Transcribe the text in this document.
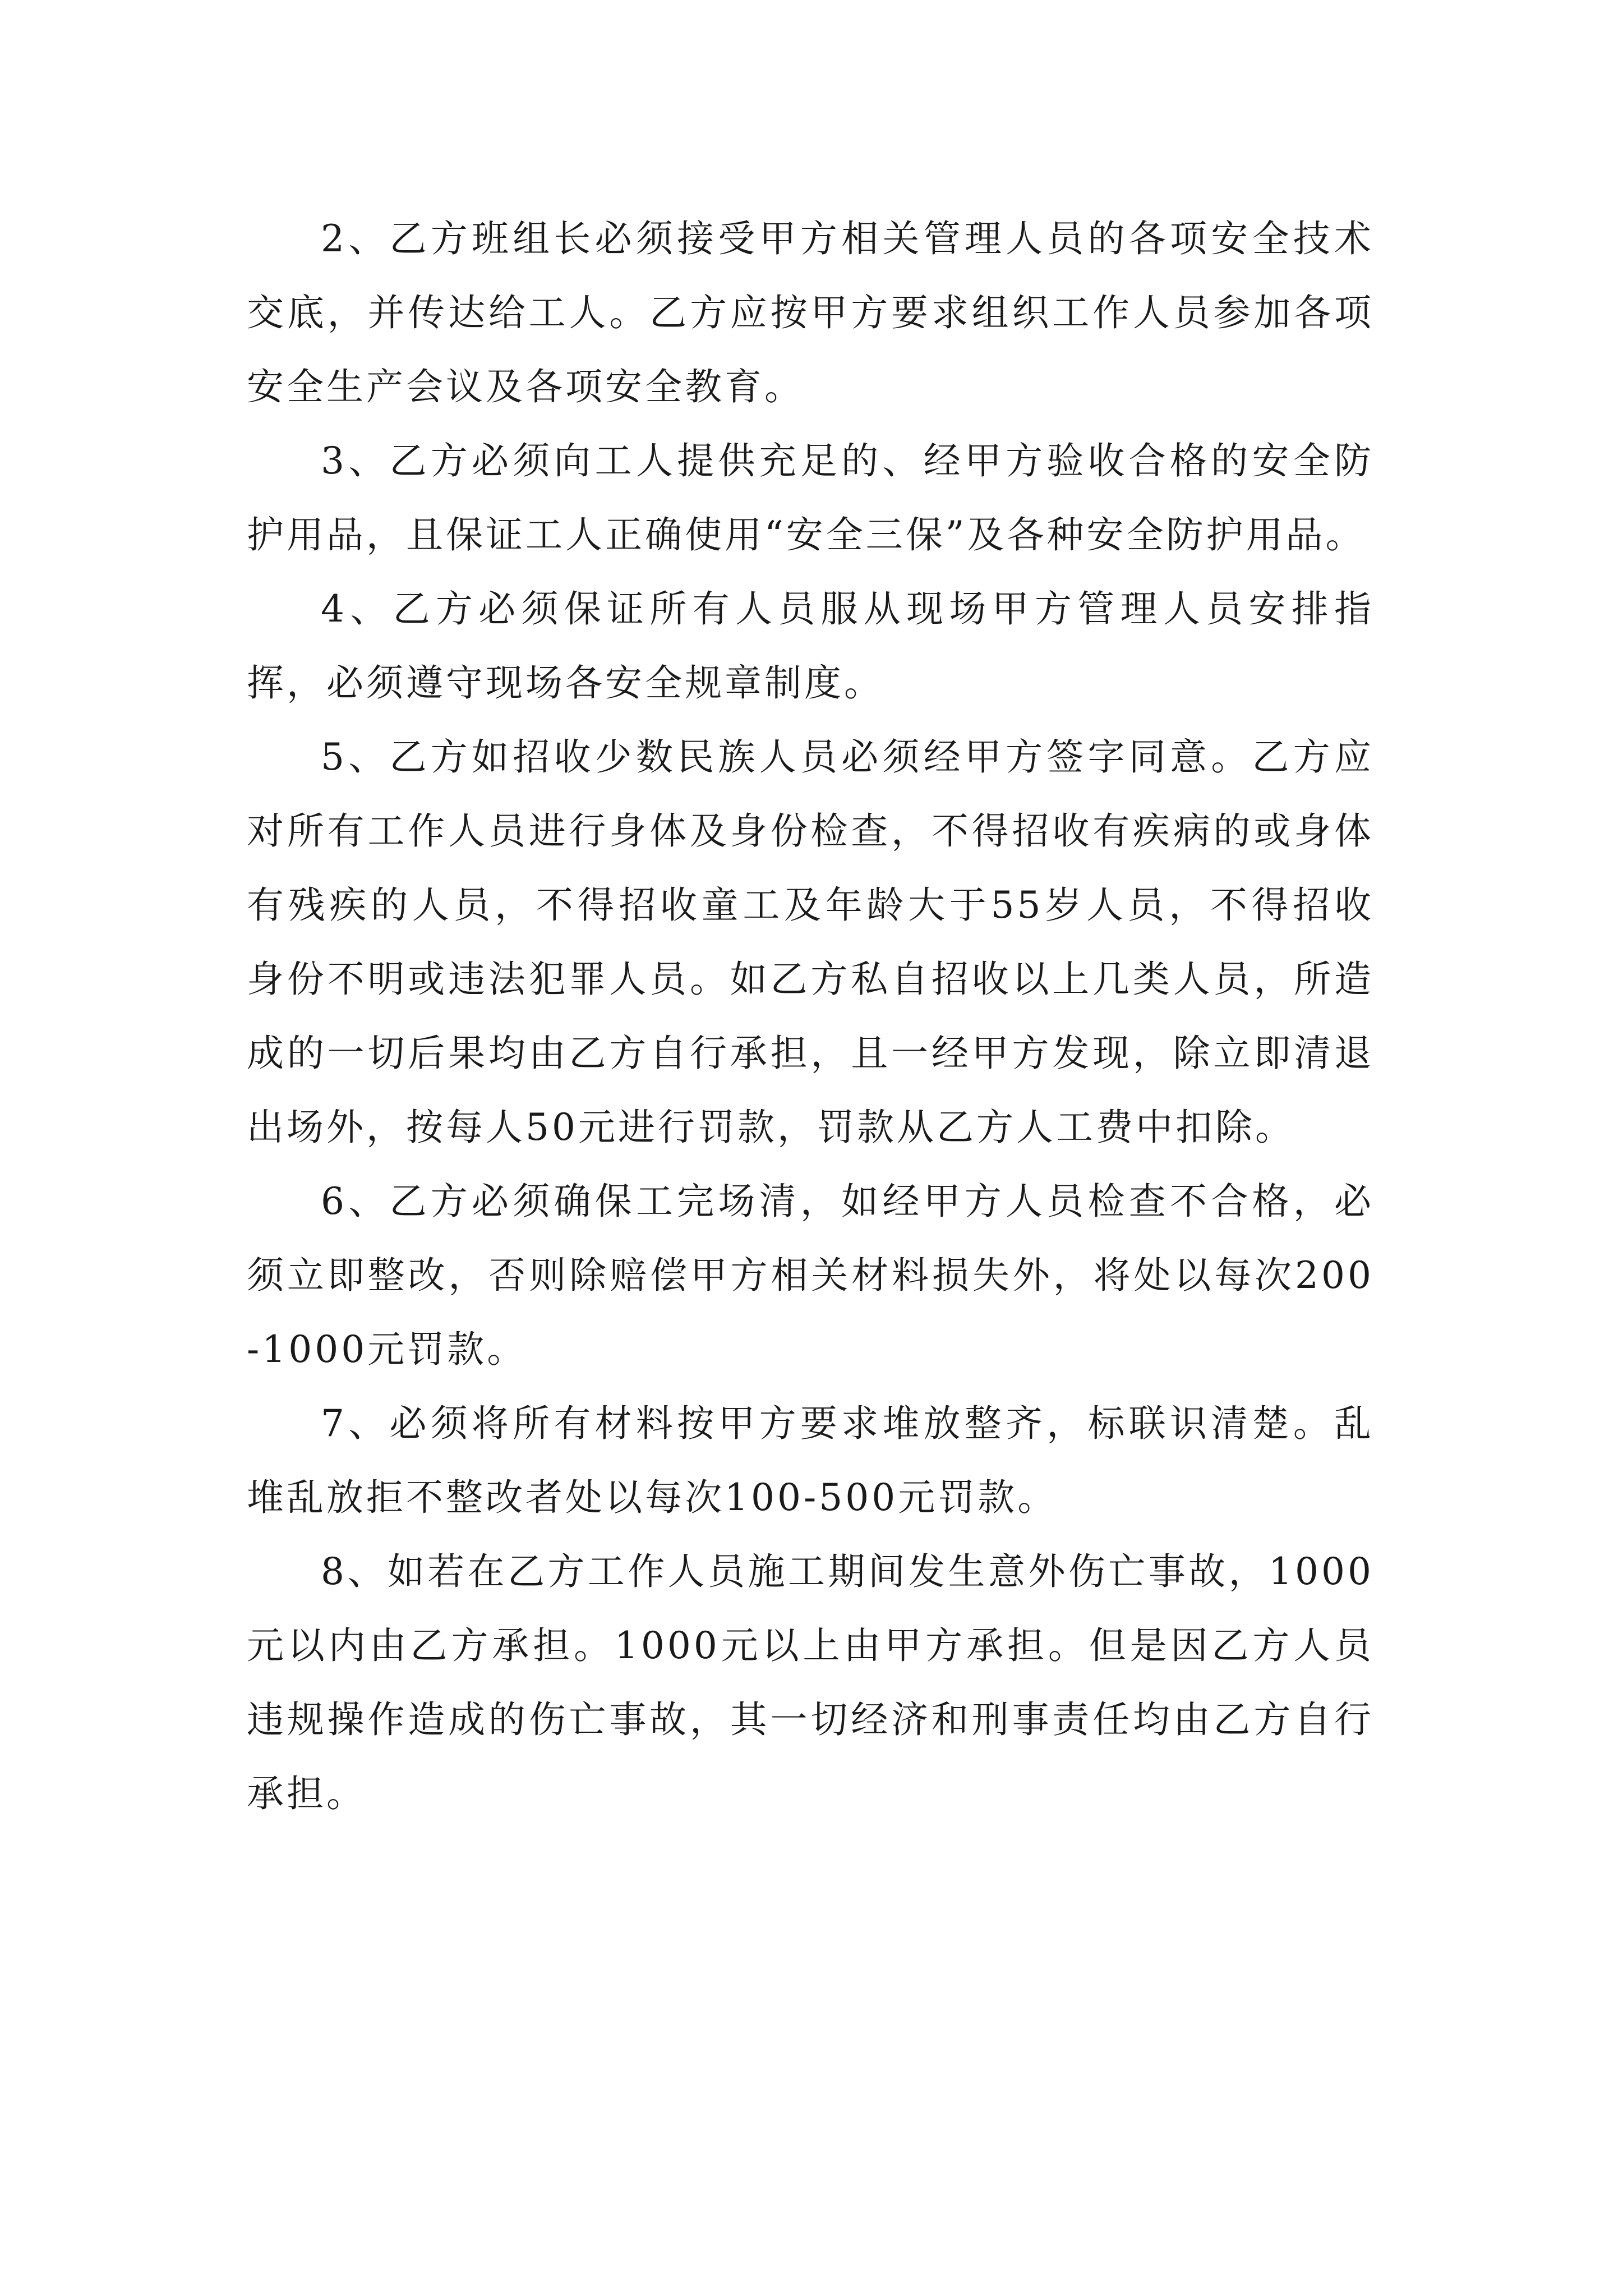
2、乙方班组长必须接受甲方相关管理人员的各项安全技术交底，并传达给工人。乙方应按甲方要求组织工作人员参加各项安全生产会议及各项安全教育。

3、乙方必须向工人提供充足的、经甲方验收合格的安全防护用品，且保证工人正确使用“安全三保”及各种安全防护用品。

4、乙方必须保证所有人员服从现场甲方管理人员安排指挥，必须遵守现场各安全规章制度。

5、乙方如招收少数民族人员必须经甲方签字同意。乙方应对所有工作人员进行身体及身份检查，不得招收有疾病的或身体有残疾的人员，不得招收童工及年龄大于55岁人员，不得招收身份不明或违法犯罪人员。如乙方私自招收以上几类人员，所造成的一切后果均由乙方自行承担，且一经甲方发现，除立即清退出场外，按每人50元进行罚款，罚款从乙方人工费中扣除。

6、乙方必须确保工完场清，如经甲方人员检查不合格，必须立即整改，否则除赔偿甲方相关材料损失外，将处以每次200-1000元罚款。

7、必须将所有材料按甲方要求堆放整齐，标联识清楚。乱堆乱放拒不整改者处以每次100-500元罚款。

8、如若在乙方工作人员施工期间发生意外伤亡事故，1000元以内由乙方承担。1000元以上由甲方承担。但是因乙方人员违规操作造成的伤亡事故，其一切经济和刑事责任均由乙方自行承担。
